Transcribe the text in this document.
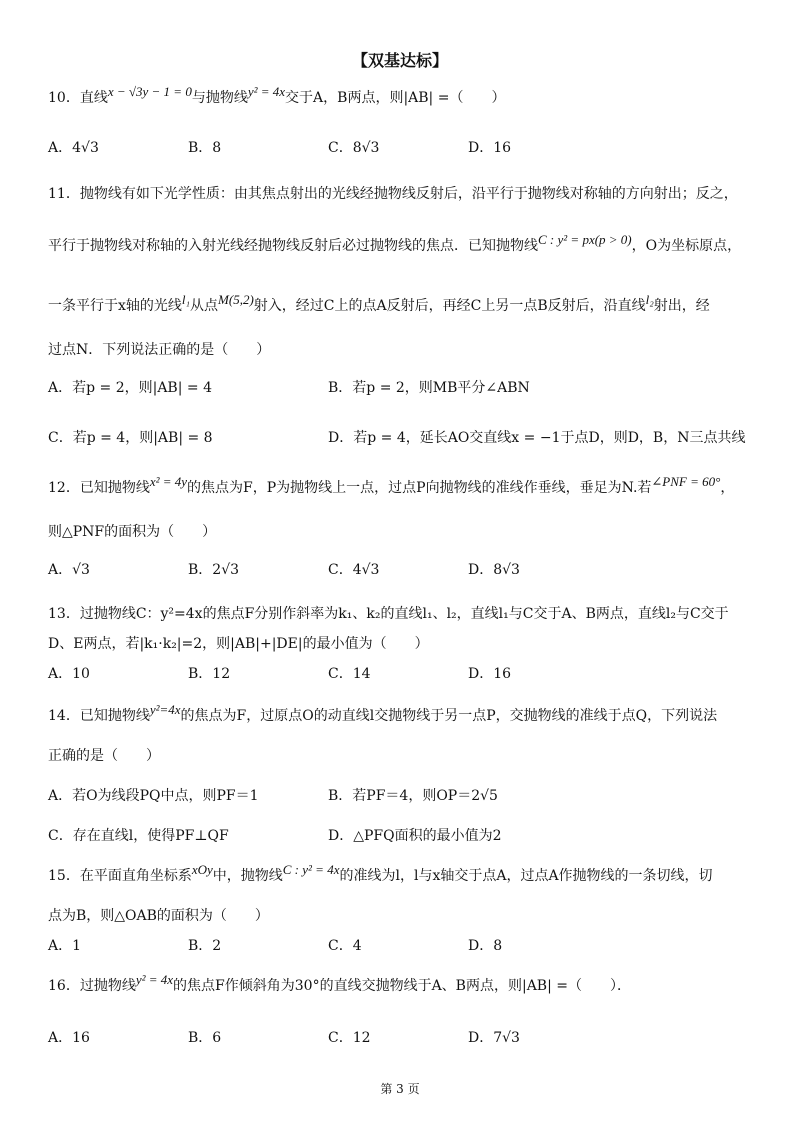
【双基达标】
10．直线x − √3y − 1 = 0与抛物线y² = 4x交于A，B两点，则|AB| =（　　）
A．4√3	B．8	C．8√3	D．16
11．抛物线有如下光学性质：由其焦点射出的光线经抛物线反射后，沿平行于抛物线对称轴的方向射出；反之，
平行于抛物线对称轴的入射光线经抛物线反射后必过抛物线的焦点．已知抛物线C : y² = px(p > 0)，O为坐标原点，
一条平行于x轴的光线l₁从点M(5,2)射入，经过C上的点A反射后，再经C上另一点B反射后，沿直线l₂射出，经
过点N．下列说法正确的是（　　）
A．若p = 2，则|AB| = 4	B．若p = 2，则MB平分∠ABN
C．若p = 4，则|AB| = 8	D．若p = 4，延长AO交直线x = −1于点D，则D，B，N三点共线
12．已知抛物线x² = 4y的焦点为F，P为抛物线上一点，过点P向抛物线的准线作垂线，垂足为N.若∠PNF = 60°，
则△PNF的面积为（　　）
A．√3	B．2√3	C．4√3	D．8√3
13．过抛物线C：y²=4x的焦点F分别作斜率为k₁、k₂的直线l₁、l₂，直线l₁与C交于A、B两点，直线l₂与C交于
D、E两点，若|k₁·k₂|=2，则|AB|+|DE|的最小值为（　　）
A．10	B．12	C．14	D．16
14．已知抛物线y²=4x的焦点为F，过原点O的动直线l交抛物线于另一点P，交抛物线的准线于点Q，下列说法
正确的是（　　）
A．若O为线段PQ中点，则PF＝1	B．若PF＝4，则OP＝2√5
C．存在直线l，使得PF⊥QF	D．△PFQ面积的最小值为2
15．在平面直角坐标系xOy中，抛物线C : y² = 4x的准线为l，l与x轴交于点A，过点A作抛物线的一条切线，切
点为B，则△OAB的面积为（　　）
A．1	B．2	C．4	D．8
16．过抛物线y² = 4x的焦点F作倾斜角为30°的直线交抛物线于A、B两点，则|AB| =（　　）．
A．16	B．6	C．12	D．7√3
第 3 页
